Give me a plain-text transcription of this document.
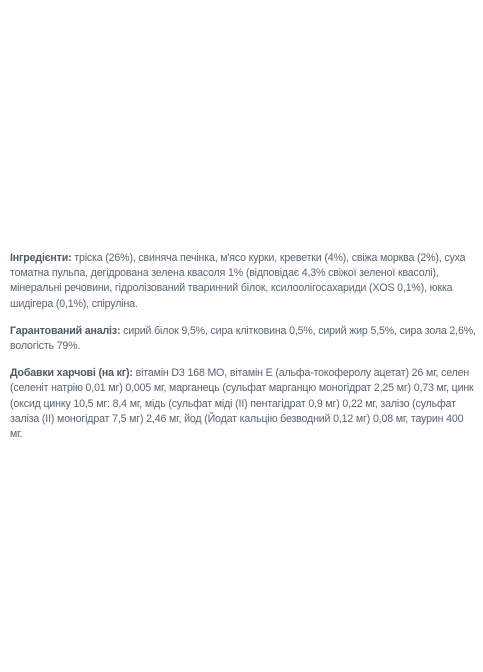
Інгредієнти: тріска (26%), свиняча печінка, м'ясо курки, креветки (4%), свіжа морква (2%), суха томатна пульпа, дегідрована зелена квасоля 1% (відповідає 4,3% свіжої зеленої квасолі), мінеральні речовини, гідролізований тваринний білок, ксилоолігосахариди (XOS 0,1%), юкка шидігера (0,1%), спіруліна.

Гарантований аналіз: сирий білок 9,5%, сира клітковина 0,5%, сирий жир 5,5%, сира зола 2,6%, вологість 79%.

Добавки харчові (на кг): вітамін D3 168 МО, вітамін Е (альфа-токоферолу ацетат) 26 мг, селен (селеніт натрію 0,01 мг) 0,005 мг, марганець (сульфат марганцю моногідрат 2,25 мг) 0,73 мг, цинк (оксид цинку 10,5 мг: 8,4 мг, мідь (сульфат міді (II) пентагідрат 0,9 мг) 0,22 мг, залізо (сульфат заліза (II) моногідрат 7,5 мг) 2,46 мг, йод (Йодат кальцію безводний 0,12 мг) 0,08 мг, таурин 400 мг.
